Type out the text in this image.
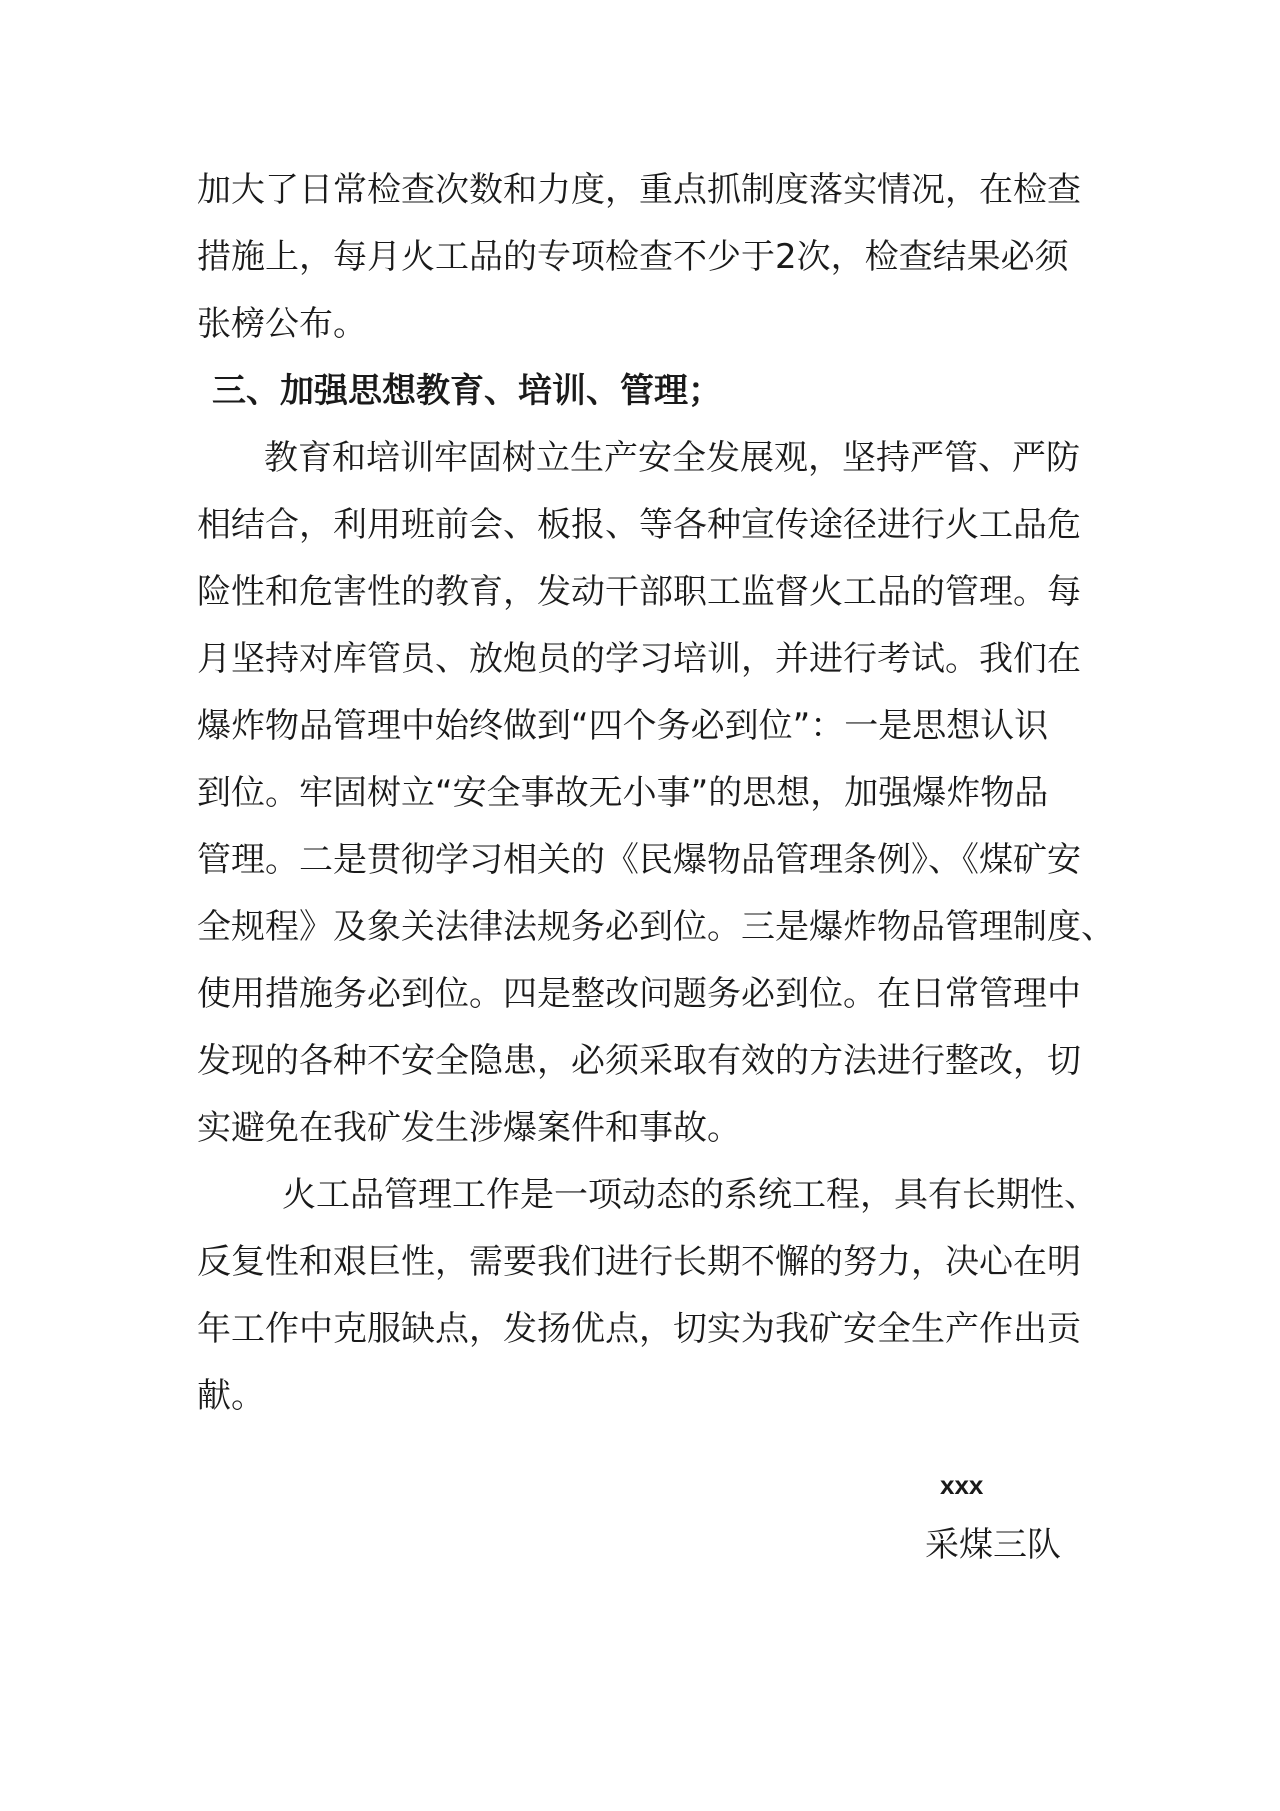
加大了日常检查次数和力度，重点抓制度落实情况，在检查
措施上，每月火工品的专项检查不少于2次，检查结果必须
张榜公布。
三、加强思想教育、培训、管理；
教育和培训牢固树立生产安全发展观，坚持严管、严防
相结合，利用班前会、板报、等各种宣传途径进行火工品危
险性和危害性的教育，发动干部职工监督火工品的管理。每
月坚持对库管员、放炮员的学习培训，并进行考试。我们在
爆炸物品管理中始终做到“四个务必到位”：一是思想认识
到位。牢固树立“安全事故无小事”的思想，加强爆炸物品
管理。二是贯彻学习相关的《民爆物品管理条例》、《煤矿安
全规程》及象关法律法规务必到位。三是爆炸物品管理制度、
使用措施务必到位。四是整改问题务必到位。在日常管理中
发现的各种不安全隐患，必须采取有效的方法进行整改，切
实避免在我矿发生涉爆案件和事故。
火工品管理工作是一项动态的系统工程，具有长期性、
反复性和艰巨性，需要我们进行长期不懈的努力，决心在明
年工作中克服缺点，发扬优点，切实为我矿安全生产作出贡
献。
xxx
采煤三队
